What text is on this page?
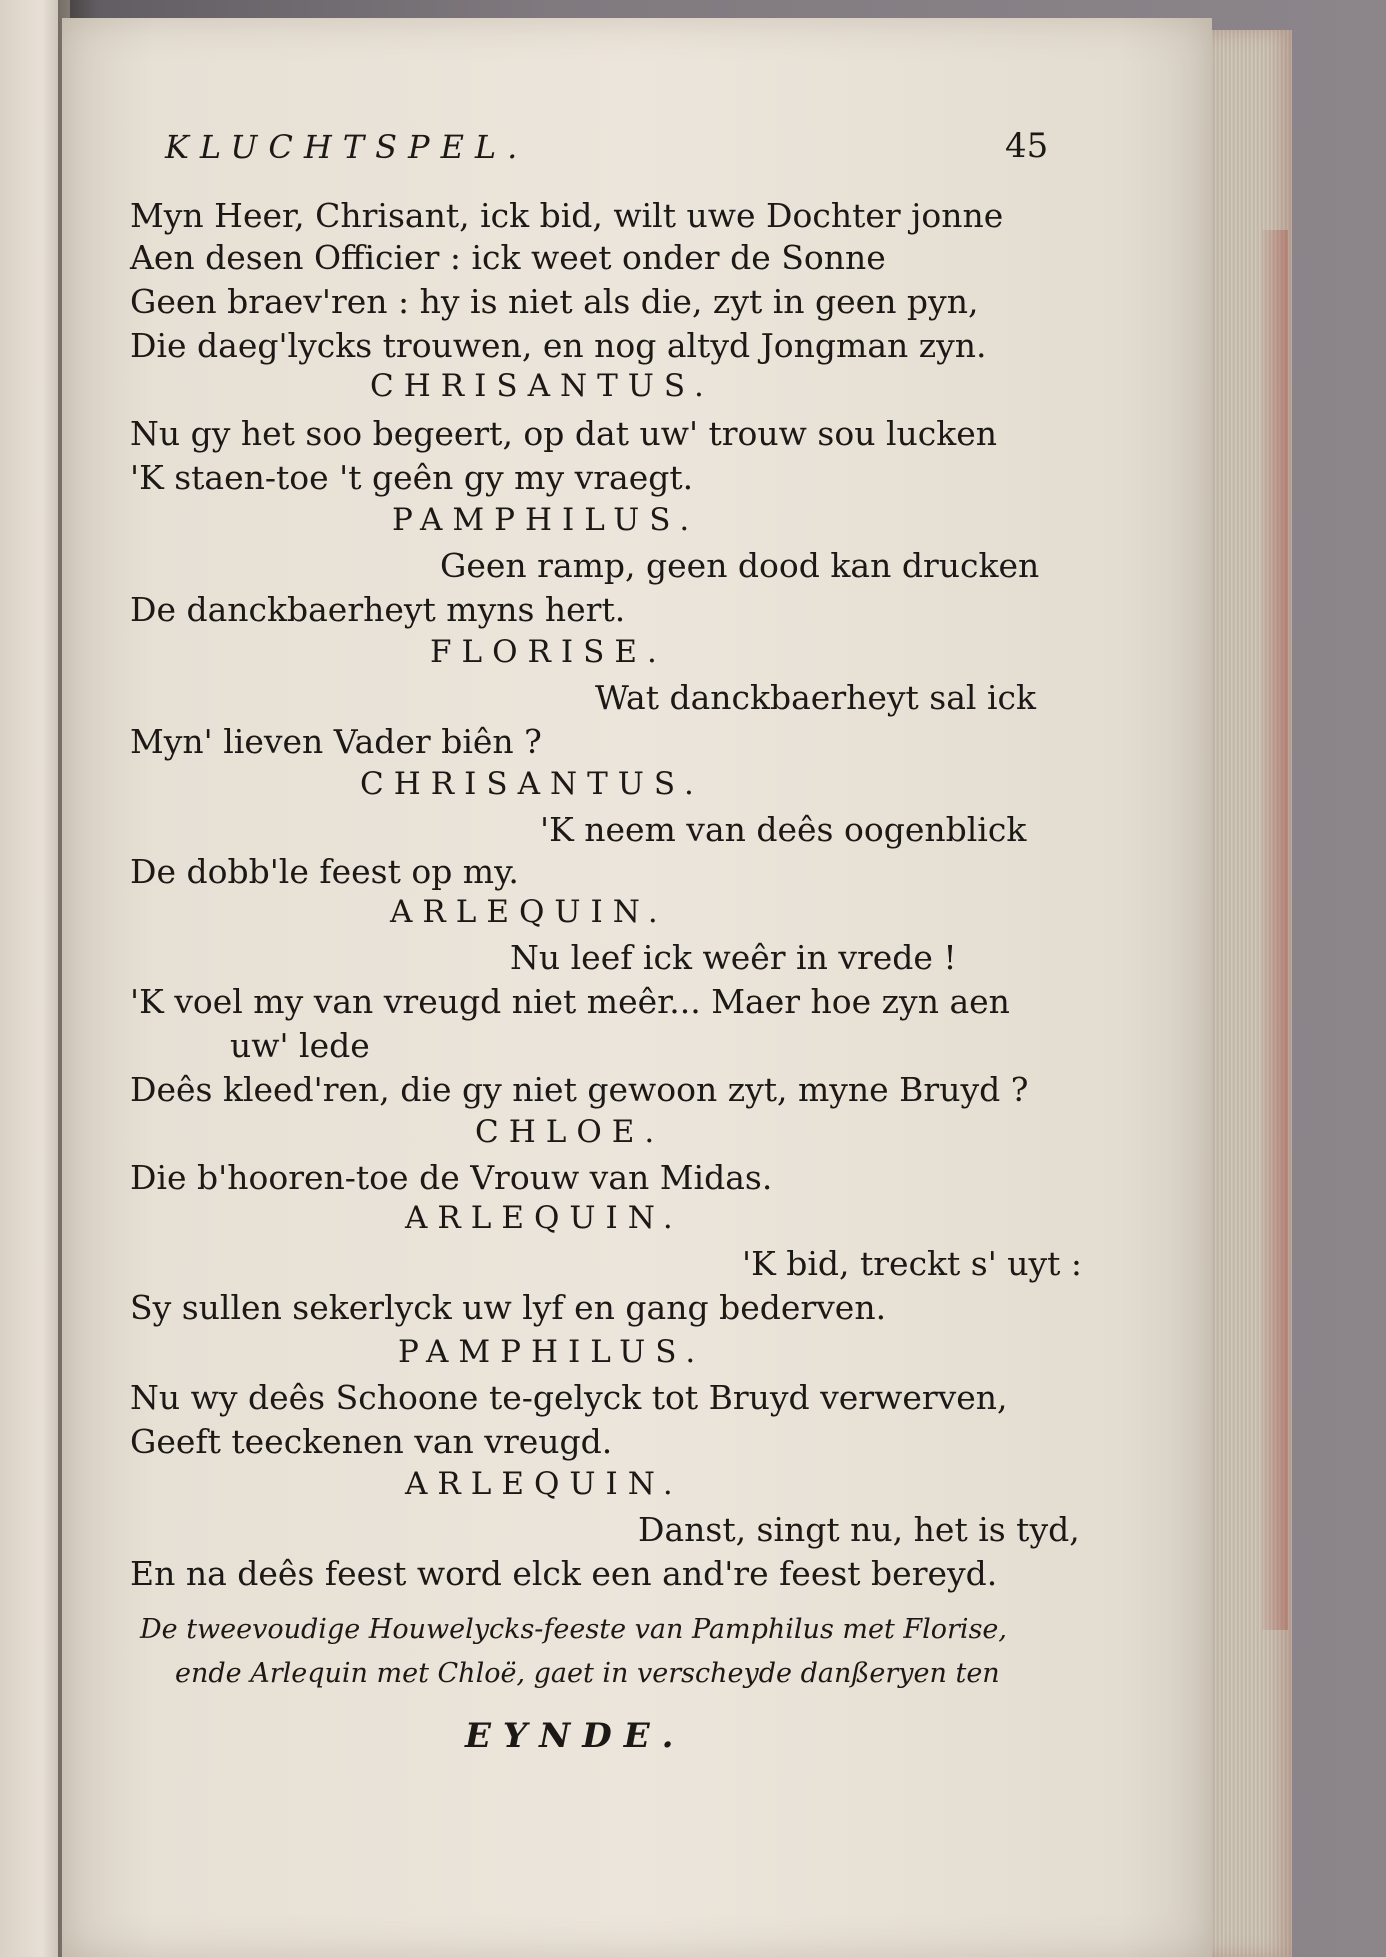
KLUCHTSPEL.	45
Myn Heer, Chrisant, ick bid, wilt uwe Dochter jonne
Aen desen Officier : ick weet onder de Sonne
Geen braev'ren : hy is niet als die, zyt in geen pyn,
Die daeg'lycks trouwen, en nog altyd Jongman zyn.
CHRISANTUS.
Nu gy het soo begeert, op dat uw' trouw sou lucken
'K staen-toe 't geên gy my vraegt.
PAMPHILUS.
Geen ramp, geen dood kan drucken
De danckbaerheyt myns hert.
FLORISE.
Wat danckbaerheyt sal ick
Myn' lieven Vader biên ?
CHRISANTUS.
'K neem van deês oogenblick
De dobb'le feest op my.
ARLEQUIN.
Nu leef ick weêr in vrede !
'K voel my van vreugd niet meêr... Maer hoe zyn aen
uw' lede
Deês kleed'ren, die gy niet gewoon zyt, myne Bruyd ?
CHLOE.
Die b'hooren-toe de Vrouw van Midas.
ARLEQUIN.
'K bid, treckt s' uyt :
Sy sullen sekerlyck uw lyf en gang bederven.
PAMPHILUS.
Nu wy deês Schoone te-gelyck tot Bruyd verwerven,
Geeft teeckenen van vreugd.
ARLEQUIN.
Danst, singt nu, het is tyd,
En na deês feest word elck een and're feest bereyd.
De tweevoudige Houwelycks-feeste van Pamphilus met Florise,
ende Arlequin met Chloë, gaet in verscheyde danßeryen ten
EYNDE.
